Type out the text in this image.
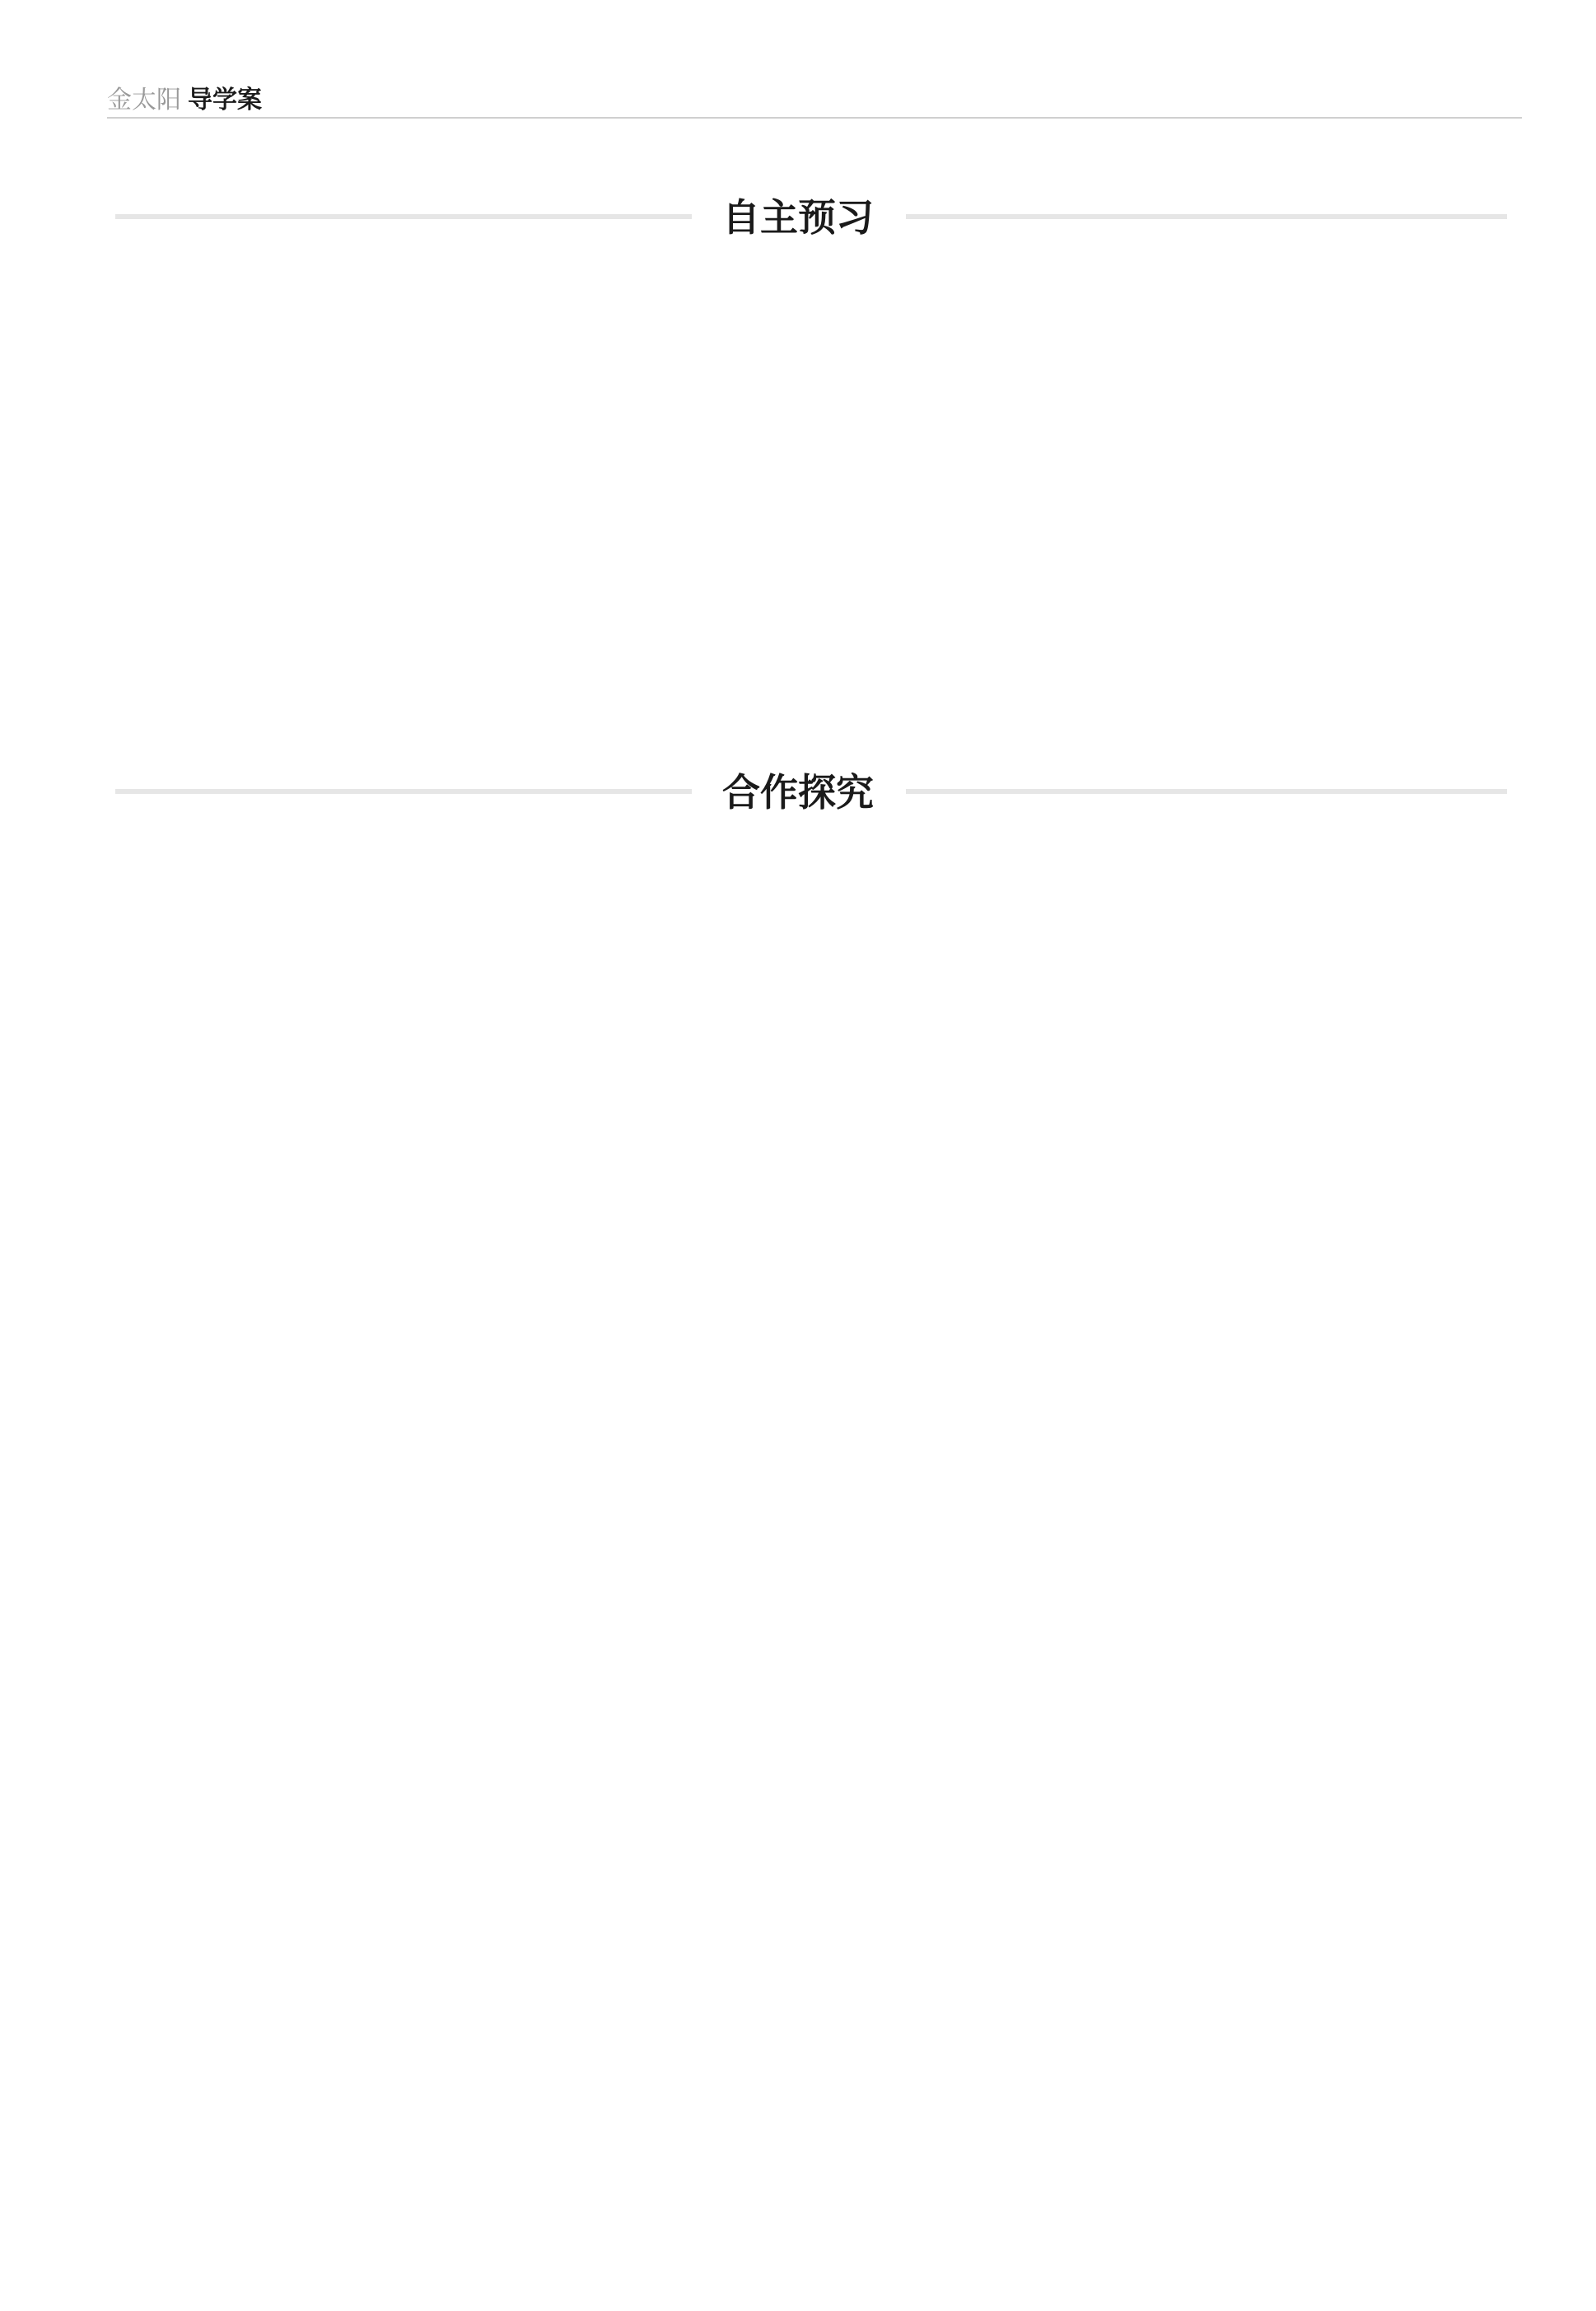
金太阳 导学案
自主预习
合作探究
